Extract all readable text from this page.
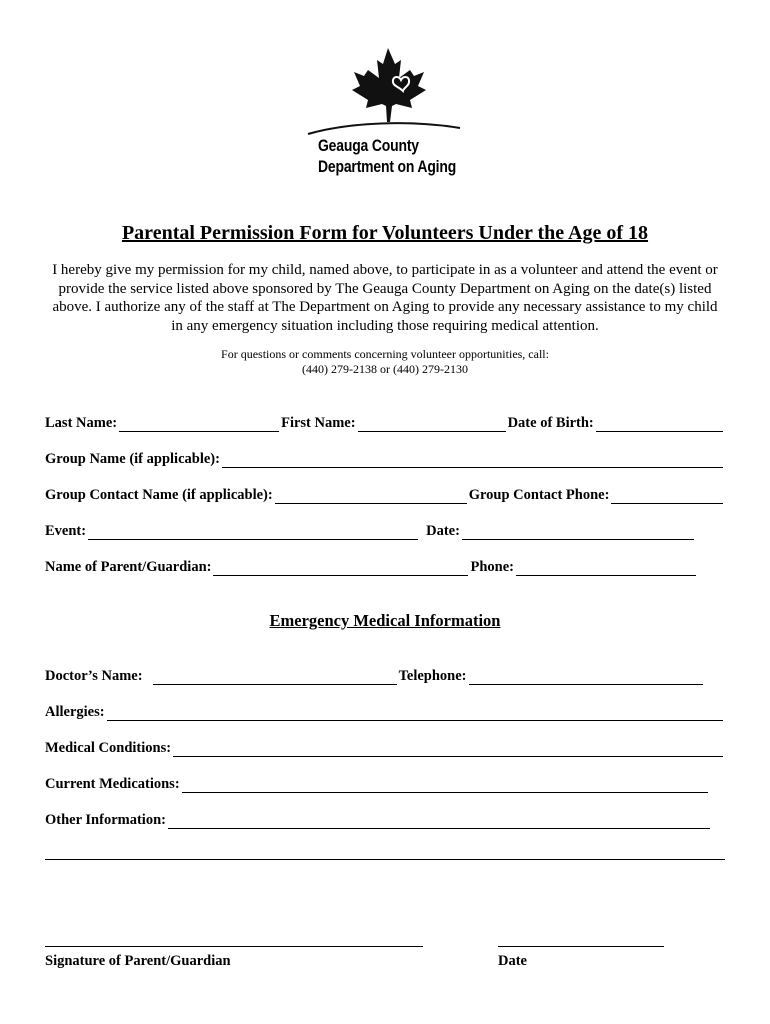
Geauga County
Department on Aging
Parental Permission Form for Volunteers Under the Age of 18
I hereby give my permission for my child, named above, to participate in as a volunteer and attend the event or
provide the service listed above sponsored by The Geauga County Department on Aging on the date(s) listed
above. I authorize any of the staff at The Department on Aging to provide any necessary assistance to my child
in any emergency situation including those requiring medical attention.
For questions or comments concerning volunteer opportunities, call:
(440) 279-2138 or (440) 279-2130
Last Name:	First Name:	Date of Birth:
Group Name (if applicable):
Group Contact Name (if applicable):	Group Contact Phone:
Event:	Date:
Name of Parent/Guardian:	Phone:
Emergency Medical Information
Doctor’s Name:	Telephone:
Allergies:
Medical Conditions:
Current Medications:
Other Information:
Signature of Parent/Guardian	Date
